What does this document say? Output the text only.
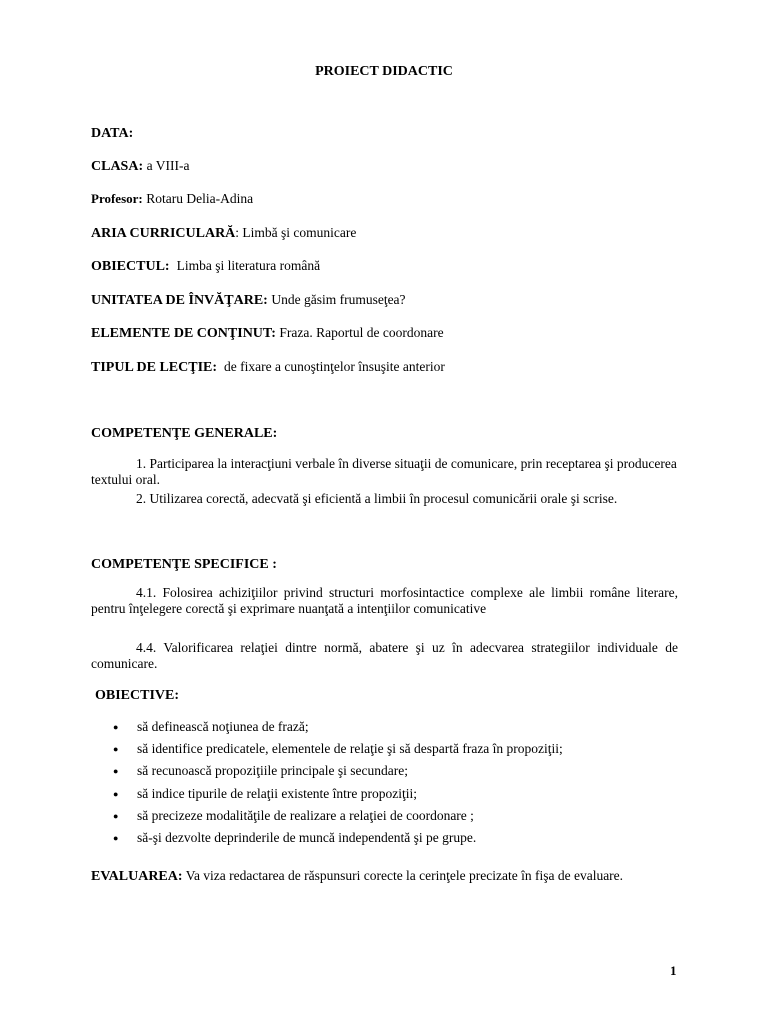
PROIECT DIDACTIC
DATA:
CLASA: a VIII-a
Profesor: Rotaru Delia-Adina
ARIA CURRICULARĂ: Limbă şi comunicare
OBIECTUL: Limba şi literatura română
UNITATEA DE ÎNVĂŢARE: Unde găsim frumuseţea?
ELEMENTE DE CONŢINUT: Fraza. Raportul de coordonare
TIPUL DE LECŢIE: de fixare a cunoştinţelor însuşite anterior
COMPETENŢE GENERALE:
1. Participarea la interacţiuni verbale în diverse situaţii de comunicare, prin receptarea şi producerea textului oral.
2. Utilizarea corectă, adecvată şi eficientă a limbii în procesul comunicării orale şi scrise.
COMPETENŢE SPECIFICE :
4.1. Folosirea achiziţiilor privind structuri morfosintactice complexe ale limbii române literare, pentru înţelegere corectă şi exprimare nuanţată a intenţiilor comunicative
4.4. Valorificarea relaţiei dintre normă, abatere şi uz în adecvarea strategiilor individuale de comunicare.
OBIECTIVE:
● să definească noţiunea de frază;
● să identifice predicatele, elementele de relaţie şi să despartă fraza în propoziţii;
● să recunoască propoziţiile principale şi secundare;
● să indice tipurile de relaţii existente între propoziţii;
● să precizeze modalităţile de realizare a relaţiei de coordonare ;
● să-şi dezvolte deprinderile de muncă independentă şi pe grupe.
EVALUAREA: Va viza redactarea de răspunsuri corecte la cerinţele precizate în fişa de evaluare.
1
